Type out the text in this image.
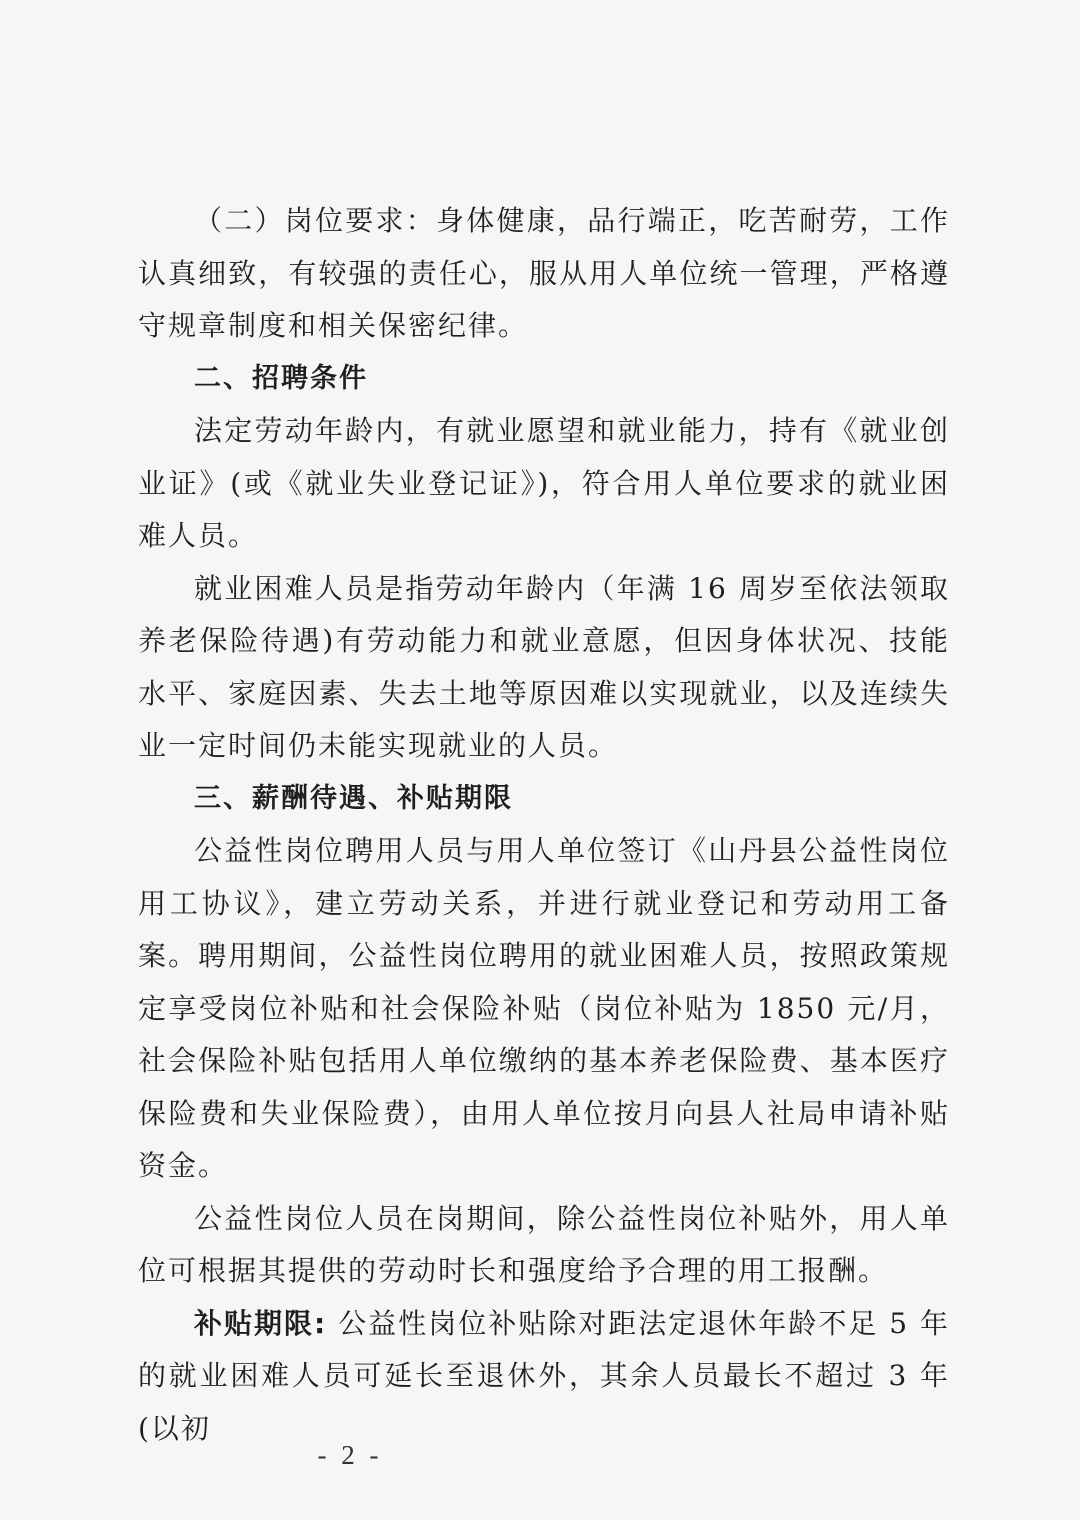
（二）岗位要求：身体健康，品行端正，吃苦耐劳，工作认真细致，有较强的责任心，服从用人单位统一管理，严格遵守规章制度和相关保密纪律。

二、招聘条件

法定劳动年龄内，有就业愿望和就业能力，持有《就业创业证》(或《就业失业登记证》)，符合用人单位要求的就业困难人员。

就业困难人员是指劳动年龄内（年满 16 周岁至依法领取养老保险待遇)有劳动能力和就业意愿，但因身体状况、技能水平、家庭因素、失去土地等原因难以实现就业，以及连续失业一定时间仍未能实现就业的人员。

三、薪酬待遇、补贴期限

公益性岗位聘用人员与用人单位签订《山丹县公益性岗位用工协议》，建立劳动关系，并进行就业登记和劳动用工备案。聘用期间，公益性岗位聘用的就业困难人员，按照政策规定享受岗位补贴和社会保险补贴（岗位补贴为 1850 元/月，社会保险补贴包括用人单位缴纳的基本养老保险费、基本医疗保险费和失业保险费），由用人单位按月向县人社局申请补贴资金。

公益性岗位人员在岗期间，除公益性岗位补贴外，用人单位可根据其提供的劳动时长和强度给予合理的用工报酬。

补贴期限: 公益性岗位补贴除对距法定退休年龄不足 5 年的就业困难人员可延长至退休外，其余人员最长不超过 3 年(以初

- 2 -
